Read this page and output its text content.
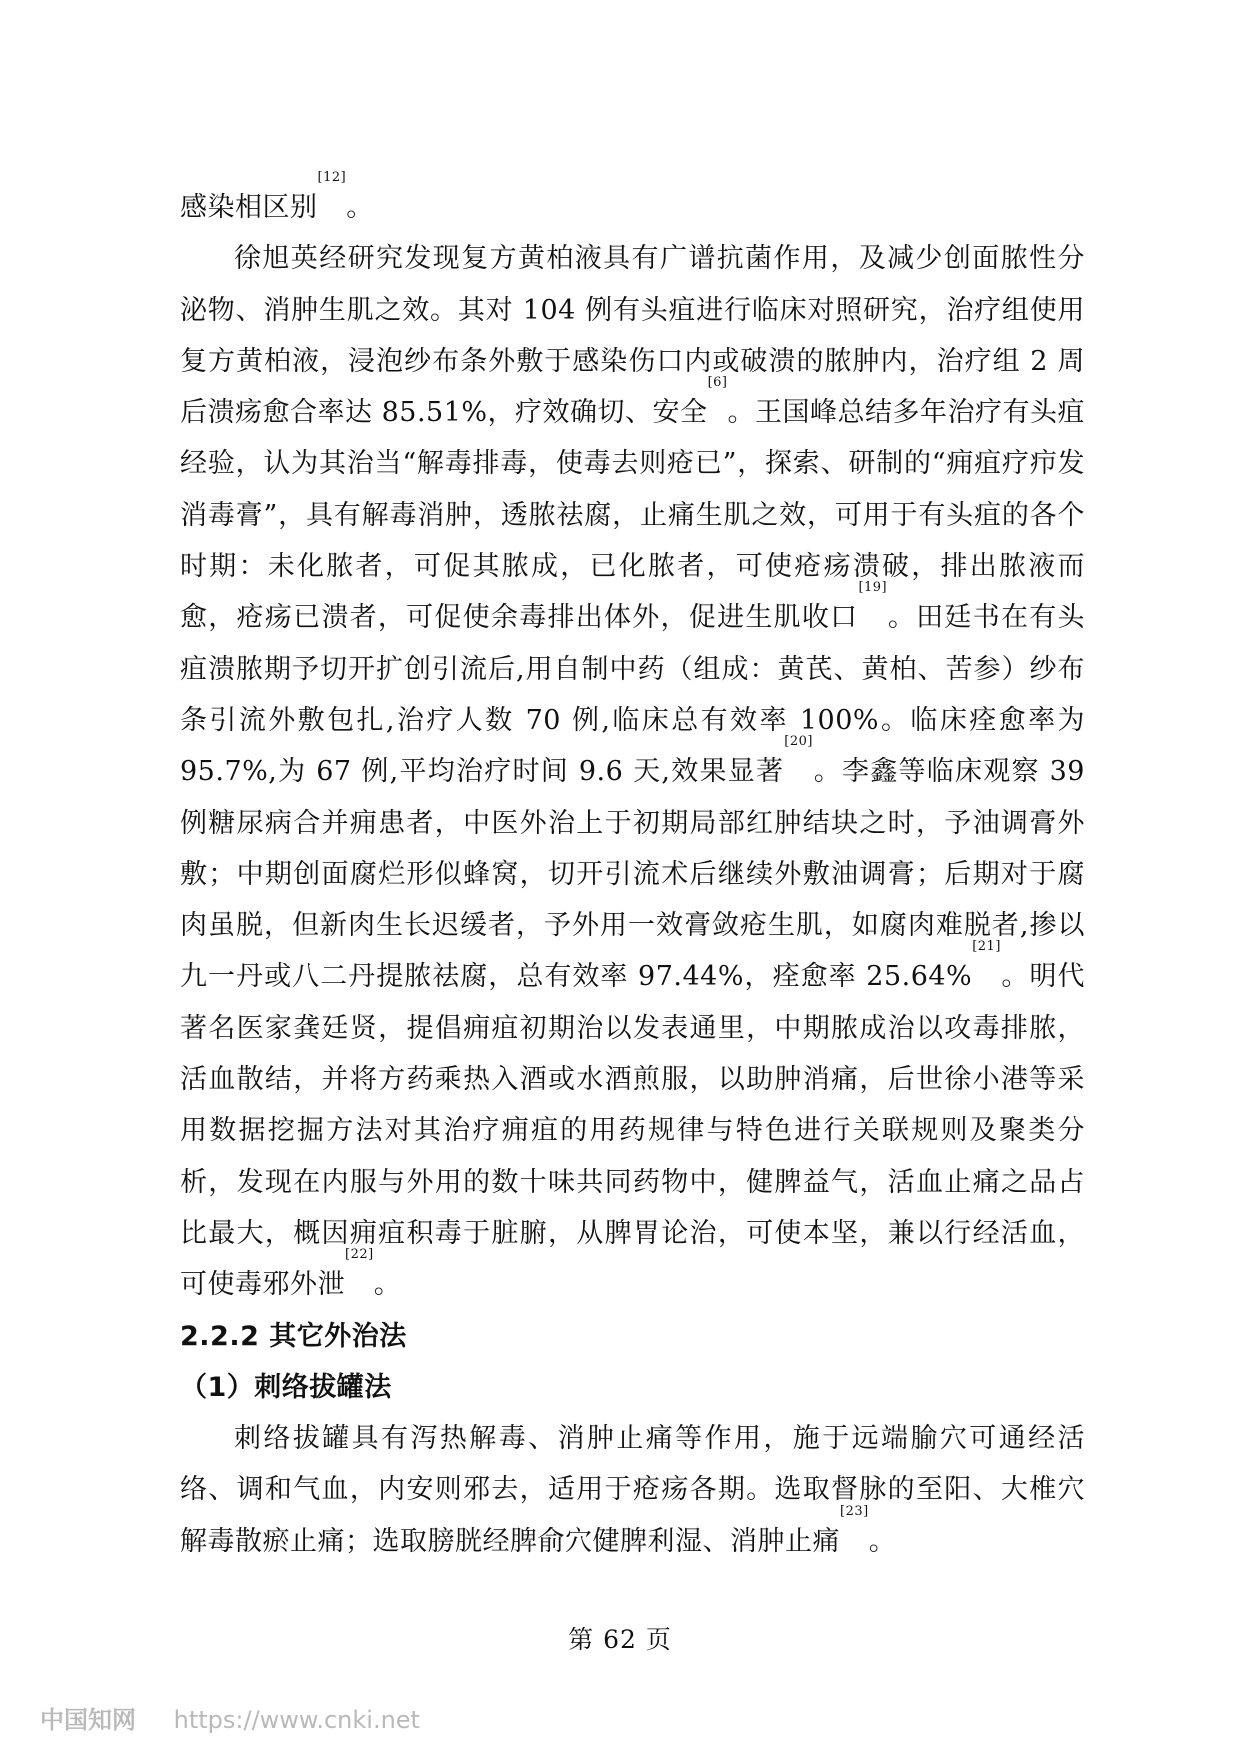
感染相区别[12]。

徐旭英经研究发现复方黄柏液具有广谱抗菌作用，及减少创面脓性分泌物、消肿生肌之效。其对 104 例有头疽进行临床对照研究，治疗组使用复方黄柏液，浸泡纱布条外敷于感染伤口内或破溃的脓肿内，治疗组 2 周后溃疡愈合率达 85.51%，疗效确切、安全[6]。王国峰总结多年治疗有头疽经验，认为其治当“解毒排毒，使毒去则疮已”，探索、研制的“痈疽疗疖发消毒膏”，具有解毒消肿，透脓祛腐，止痛生肌之效，可用于有头疽的各个时期：未化脓者，可促其脓成，已化脓者，可使疮疡溃破，排出脓液而愈，疮疡已溃者，可促使余毒排出体外，促进生肌收口[19]。田廷书在有头疽溃脓期予切开扩创引流后,用自制中药（组成：黄芪、黄柏、苦参）纱布条引流外敷包扎,治疗人数 70 例,临床总有效率 100%。临床痊愈率为 95.7%,为 67 例,平均治疗时间 9.6 天,效果显著[20]。李鑫等临床观察 39 例糖尿病合并痈患者，中医外治上于初期局部红肿结块之时，予油调膏外敷；中期创面腐烂形似蜂窝，切开引流术后继续外敷油调膏；后期对于腐肉虽脱，但新肉生长迟缓者，予外用一效膏敛疮生肌，如腐肉难脱者,掺以九一丹或八二丹提脓祛腐，总有效率 97.44%，痊愈率 25.64%[21]。明代著名医家龚廷贤，提倡痈疽初期治以发表通里，中期脓成治以攻毒排脓，活血散结，并将方药乘热入酒或水酒煎服，以助肿消痛，后世徐小港等采用数据挖掘方法对其治疗痈疽的用药规律与特色进行关联规则及聚类分析，发现在内服与外用的数十味共同药物中，健脾益气，活血止痛之品占比最大，概因痈疽积毒于脏腑，从脾胃论治，可使本坚，兼以行经活血，可使毒邪外泄[22]。

2.2.2 其它外治法

（1）刺络拔罐法

刺络拔罐具有泻热解毒、消肿止痛等作用，施于远端腧穴可通经活络、调和气血，内安则邪去，适用于疮疡各期。选取督脉的至阳、大椎穴解毒散瘀止痛；选取膀胱经脾俞穴健脾利湿、消肿止痛[23]。

第 62 页
中国知网 https://www.cnki.net
